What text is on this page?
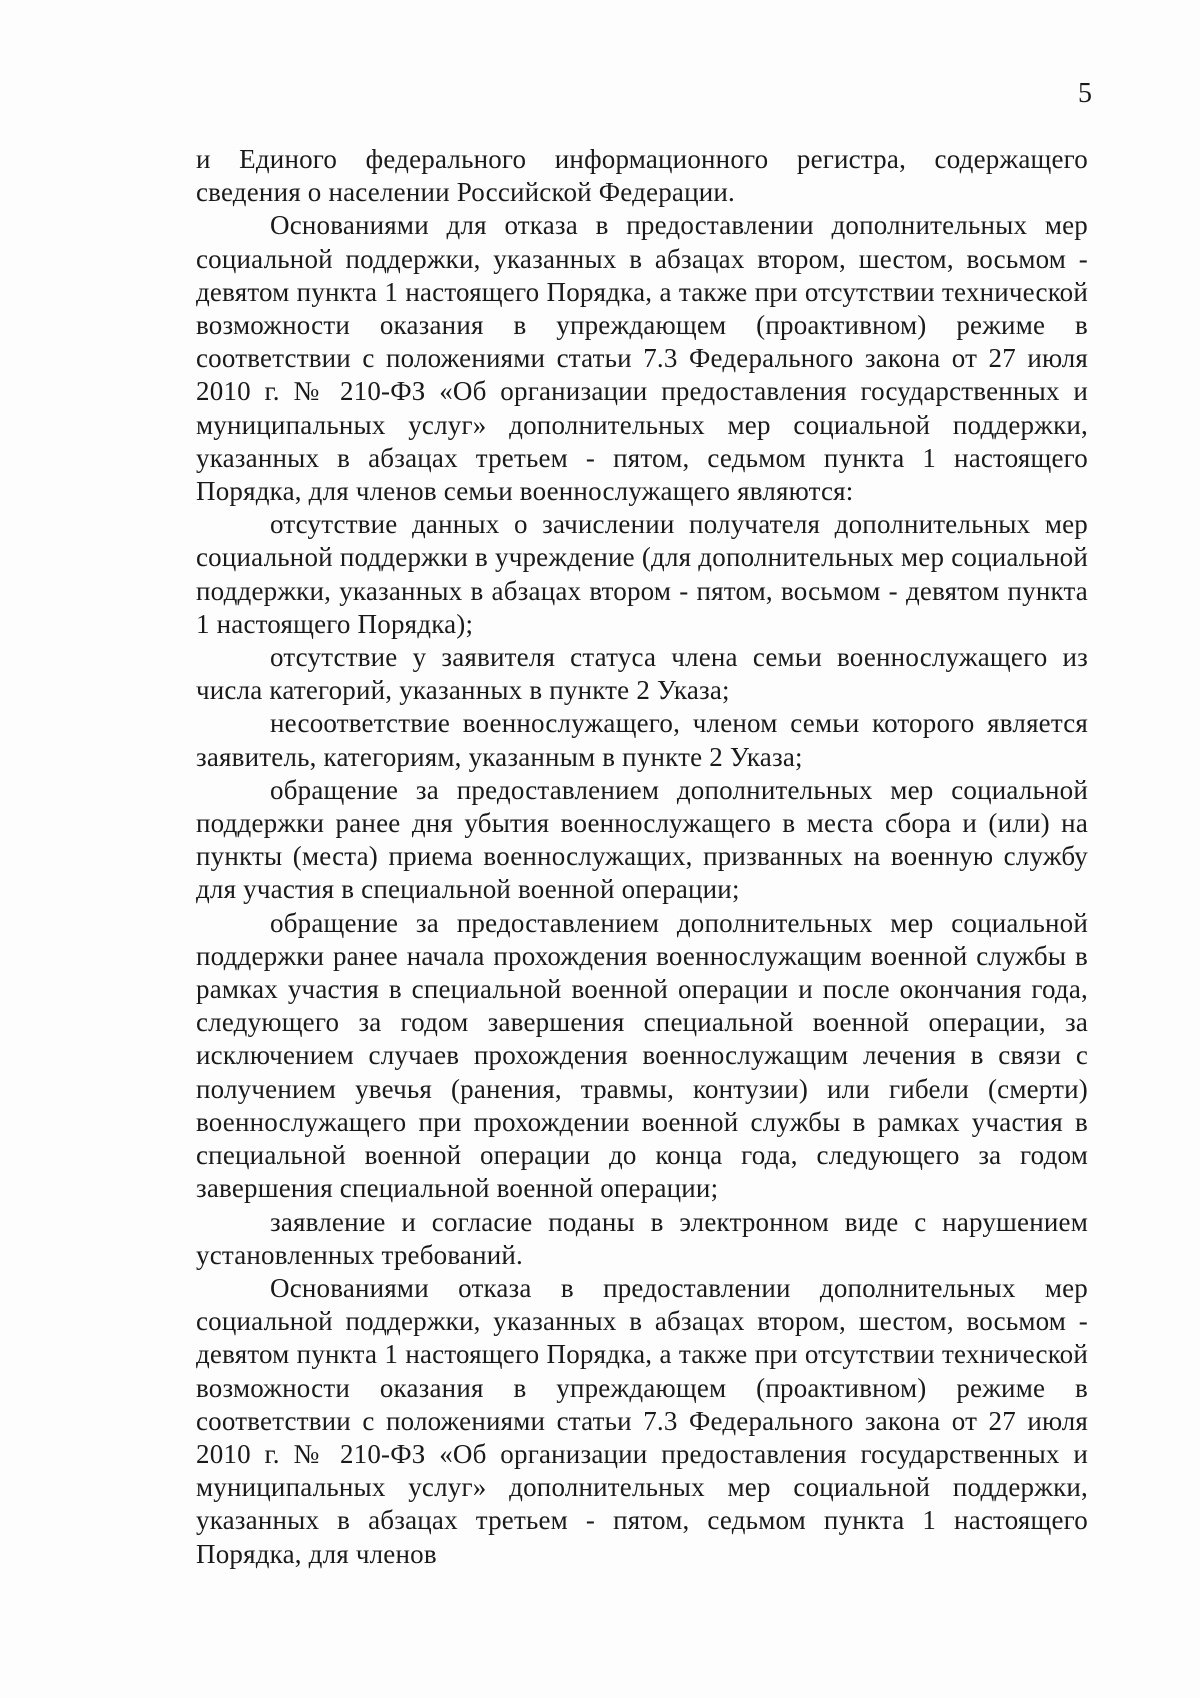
5

и Единого федерального информационного регистра, содержащего сведения о населении Российской Федерации.

Основаниями для отказа в предоставлении дополнительных мер социальной поддержки, указанных в абзацах втором, шестом, восьмом - девятом пункта 1 настоящего Порядка, а также при отсутствии технической возможности оказания в упреждающем (проактивном) режиме в соответствии с положениями статьи 7.3 Федерального закона от 27 июля 2010 г. № 210-ФЗ «Об организации предоставления государственных и муниципальных услуг» дополнительных мер социальной поддержки, указанных в абзацах третьем - пятом, седьмом пункта 1 настоящего Порядка, для членов семьи военнослужащего являются:

отсутствие данных о зачислении получателя дополнительных мер социальной поддержки в учреждение (для дополнительных мер социальной поддержки, указанных в абзацах втором - пятом, восьмом - девятом пункта 1 настоящего Порядка);

отсутствие у заявителя статуса члена семьи военнослужащего из числа категорий, указанных в пункте 2 Указа;

несоответствие военнослужащего, членом семьи которого является заявитель, категориям, указанным в пункте 2 Указа;

обращение за предоставлением дополнительных мер социальной поддержки ранее дня убытия военнослужащего в места сбора и (или) на пункты (места) приема военнослужащих, призванных на военную службу для участия в специальной военной операции;

обращение за предоставлением дополнительных мер социальной поддержки ранее начала прохождения военнослужащим военной службы в рамках участия в специальной военной операции и после окончания года, следующего за годом завершения специальной военной операции, за исключением случаев прохождения военнослужащим лечения в связи с получением увечья (ранения, травмы, контузии) или гибели (смерти) военнослужащего при прохождении военной службы в рамках участия в специальной военной операции до конца года, следующего за годом завершения специальной военной операции;

заявление и согласие поданы в электронном виде с нарушением установленных требований.

Основаниями отказа в предоставлении дополнительных мер социальной поддержки, указанных в абзацах втором, шестом, восьмом - девятом пункта 1 настоящего Порядка, а также при отсутствии технической возможности оказания в упреждающем (проактивном) режиме в соответствии с положениями статьи 7.3 Федерального закона от 27 июля 2010 г. № 210-ФЗ «Об организации предоставления государственных и муниципальных услуг» дополнительных мер социальной поддержки, указанных в абзацах третьем - пятом, седьмом пункта 1 настоящего Порядка, для членов
